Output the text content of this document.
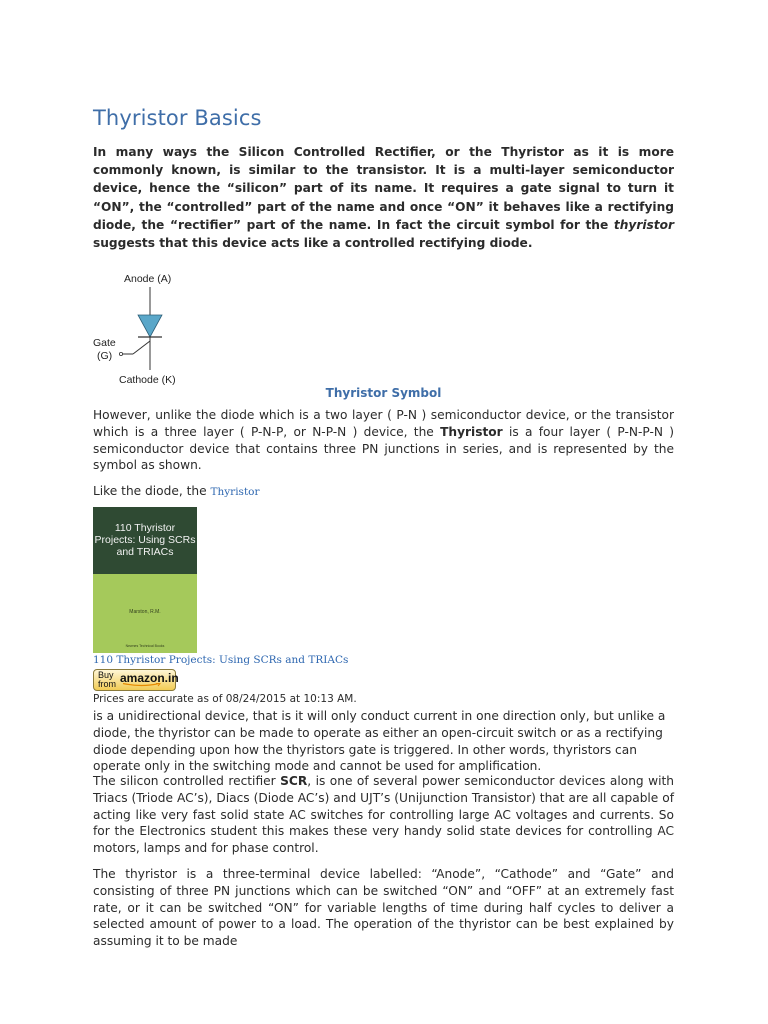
Thyristor Basics

In many ways the Silicon Controlled Rectifier, or the Thyristor as it is more commonly known, is similar to the transistor. It is a multi-layer semiconductor device, hence the “silicon” part of its name. It requires a gate signal to turn it “ON”, the “controlled” part of the name and once “ON” it behaves like a rectifying diode, the “rectifier” part of the name. In fact the circuit symbol for the thyristor suggests that this device acts like a controlled rectifying diode.

Anode (A)
Gate
(G)
Cathode (K)
Thyristor Symbol

However, unlike the diode which is a two layer ( P-N ) semiconductor device, or the transistor which is a three layer ( P-N-P, or N-P-N ) device, the Thyristor is a four layer ( P-N-P-N ) semiconductor device that contains three PN junctions in series, and is represented by the symbol as shown.

Like the diode, the Thyristor

110 Thyristor Projects: Using SCRs and TRIACs
Marston, R.M.
Newnes Technical Books
110 Thyristor Projects: Using SCRs and TRIACs
Buy
from amazon.in
Prices are accurate as of 08/24/2015 at 10:13 AM.

is a unidirectional device, that is it will only conduct current in one direction only, but unlike a diode, the thyristor can be made to operate as either an open-circuit switch or as a rectifying diode depending upon how the thyristors gate is triggered. In other words, thyristors can operate only in the switching mode and cannot be used for amplification.

The silicon controlled rectifier SCR, is one of several power semiconductor devices along with Triacs (Triode AC’s), Diacs (Diode AC’s) and UJT’s (Unijunction Transistor) that are all capable of acting like very fast solid state AC switches for controlling large AC voltages and currents. So for the Electronics student this makes these very handy solid state devices for controlling AC motors, lamps and for phase control.

The thyristor is a three-terminal device labelled: “Anode”, “Cathode” and “Gate” and consisting of three PN junctions which can be switched “ON” and “OFF” at an extremely fast rate, or it can be switched “ON” for variable lengths of time during half cycles to deliver a selected amount of power to a load. The operation of the thyristor can be best explained by assuming it to be made
